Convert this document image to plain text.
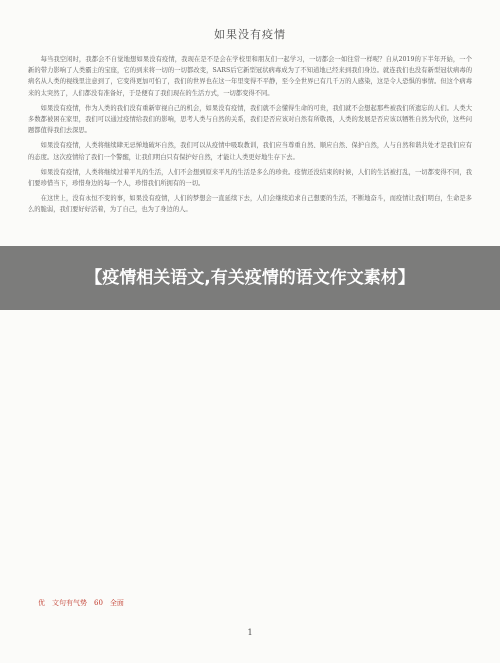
如果没有疫情

每当我空闲时，我都会不自觉地想如果没有疫情，我现在是不是会在学校里和朋友们一起学习，一切都会一如往常一样呢？自从2019的下半年开始，一个新的带力影响了人类霸主的宝座，它的到来将一切的一切都改变，SARS后它新型冠状病毒成为了不知道地已经来到我们身边。就连我们也没有新型冠状病毒的病名从人类的视线里注意到了，它变得更加可怕了，我们的世界也在这一年里变得不平静，至今全世界已有几千万的人感染，这是令人恐惧的事情。但这个病毒来的太突然了，人们都没有准备好，于是便有了我们现在的生活方式，一切都变得不同。

如果没有疫情，作为人类的我们没有重新审视自己的机会，如果没有疫情，我们就不会懂得生命的可贵，我们就不会想起那些被我们所遗忘的人们。人类大多数都被困在家里，我们可以通过疫情给我们的影响，思考人类与自然的关系，我们是否应该对自然有所敬畏，人类的发展是否应该以牺牲自然为代价，这些问题都值得我们去深思。

如果没有疫情，人类将继续肆无忌惮地破坏自然，我们可以从疫情中吸取教训，我们应当尊重自然、顺应自然、保护自然，人与自然和谐共处才是我们应有的态度。这次疫情给了我们一个警醒，让我们明白只有保护好自然，才能让人类更好地生存下去。

如果没有疫情，人类将继续过着平凡的生活，人们不会想到原来平凡的生活是多么的珍贵。疫情还没结束的时候，人们的生活被打乱，一切都变得不同，我们要珍惜当下，珍惜身边的每一个人，珍惜我们所拥有的一切。

在这世上，没有永恒不变的事，如果没有疫情，人们的梦想会一直延续下去，人们会继续追求自己想要的生活，不断地奋斗，而疫情让我们明白，生命是多么的脆弱，我们要好好活着，为了自己，也为了身边的人。

优　文句有气势　60　全面
1
【疫情相关语文,有关疫情的语文作文素材】
